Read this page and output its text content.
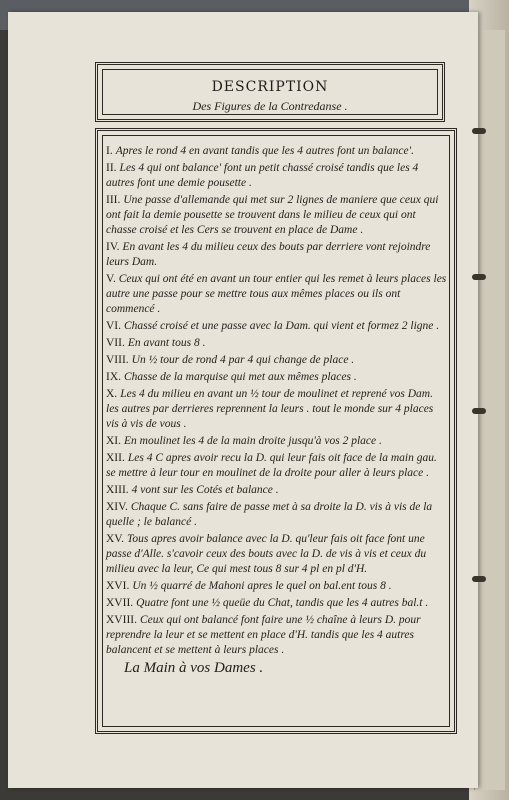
DESCRIPTION
Des Figures de la Contredanse .
I. Apres le rond 4 en avant tandis que les 4 autres font un balance'.
II. Les 4 qui ont balance' font un petit chassé croisé tandis que les 4 autres font une demie pousette .
III. Une passe d'allemande qui met sur 2 lignes de maniere que ceux qui ont fait la demie pousette se trouvent dans le milieu de ceux qui ont chasse croisé et les Cers se trouvent en place de Dame .
IV. En avant les 4 du milieu ceux des bouts par derriere vont rejoindre leurs Dam.
V. Ceux qui ont été en avant un tour entier qui les remet à leurs places les autre une passe pour se mettre tous aux mêmes places ou ils ont commencé .
VI. Chassé croisé et une passe avec la Dam. qui vient et formez 2 ligne .
VII. En avant tous 8 .
VIII. Un ½ tour de rond 4 par 4 qui change de place .
IX. Chasse de la marquise qui met aux mêmes places .
X. Les 4 du milieu en avant un ½ tour de moulinet et reprené vos Dam. les autres par derrieres reprennent la leurs . tout le monde sur 4 places vis à vis de vous .
XI. En moulinet les 4 de la main droite jusqu'à vos 2 place .
XII. Les 4 C apres avoir recu la D. qui leur fais oit face de la main gau. se mettre à leur tour en moulinet de la droite pour aller à leurs place .
XIII. 4 vont sur les Cotés et balance .
XIV. Chaque C. sans faire de passe met à sa droite la D. vis à vis de la quelle ; le balancé .
XV. Tous apres avoir balance avec la D. qu'leur fais oit face font une passe d'Alle. s'cavoir ceux des bouts avec la D. de vis à vis et ceux du milieu avec la leur, Ce qui mest tous 8 sur 4 pl en pl d'H.
XVI. Un ½ quarré de Mahoni apres le quel on bal.ent tous 8 .
XVII. Quatre font une ½ queüe du Chat, tandis que les 4 autres bal.t .
XVIII. Ceux qui ont balancé font faire une ½ chaîne à leurs D. pour reprendre la leur et se mettent en place d'H. tandis que les 4 autres balancent et se mettent à leurs places .
La Main à vos Dames .
